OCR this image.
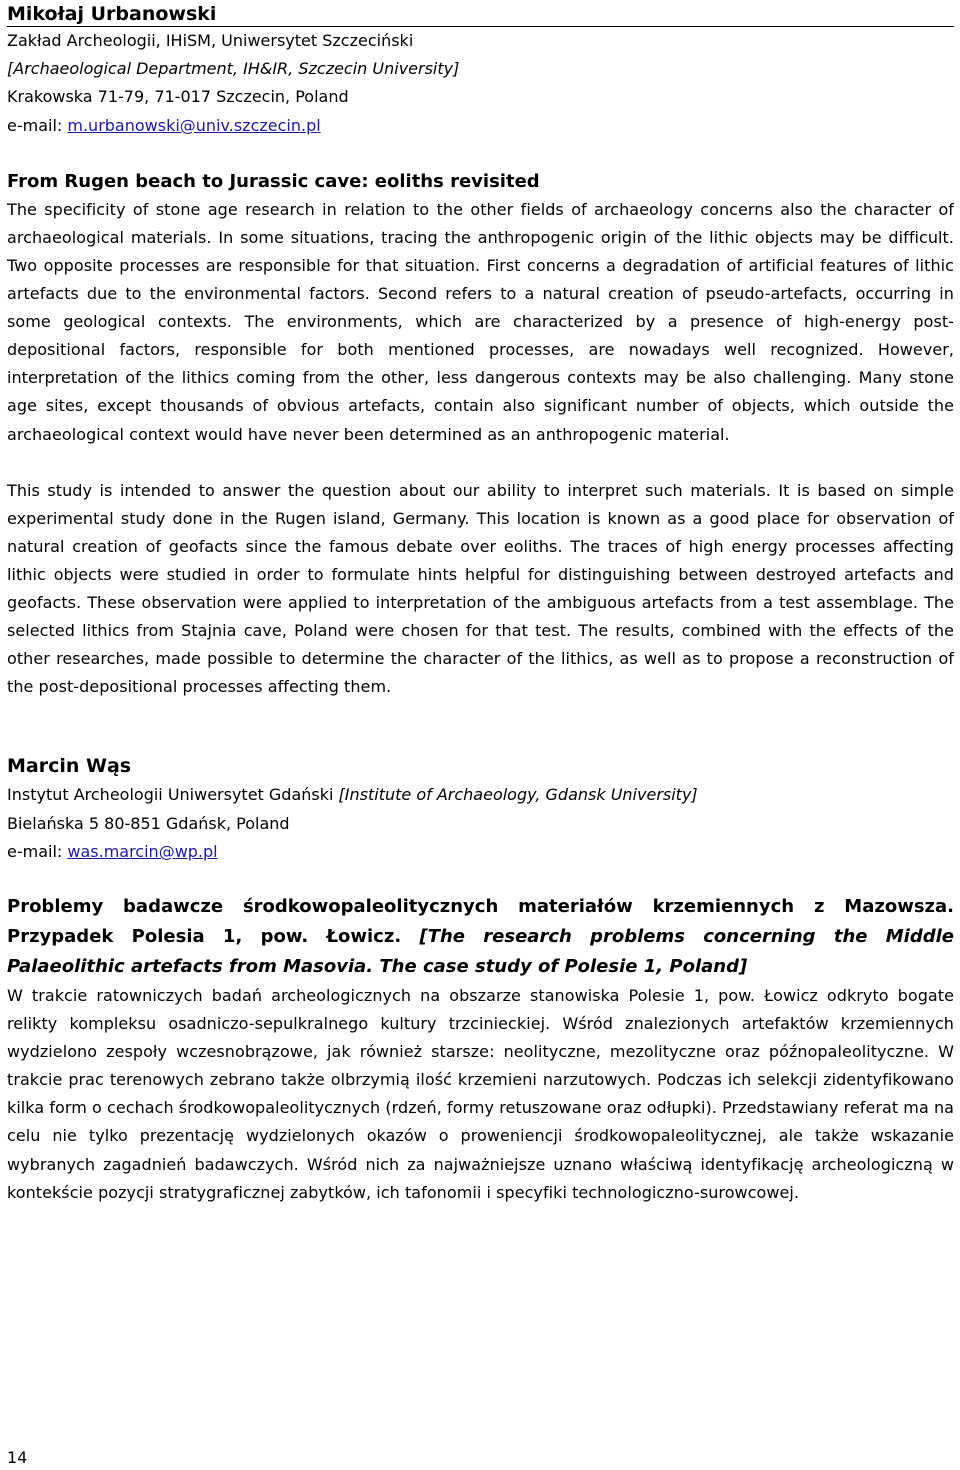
Mikołaj Urbanowski
Zakład Archeologii, IHiSM, Uniwersytet Szczeciński
[Archaeological Department, IH&IR, Szczecin University]
Krakowska 71-79, 71-017 Szczecin, Poland
e-mail: m.urbanowski@univ.szczecin.pl
From Rugen beach to Jurassic cave: eoliths revisited

The specificity of stone age research in relation to the other fields of archaeology concerns also the character of archaeological materials. In some situations, tracing the anthropogenic origin of the lithic objects may be difficult. Two opposite processes are responsible for that situation. First concerns a degradation of artificial features of lithic artefacts due to the environmental factors. Second refers to a natural creation of pseudo-artefacts, occurring in some geological contexts. The environments, which are characterized by a presence of high-energy post-depositional factors, responsible for both mentioned processes, are nowadays well recognized. However, interpretation of the lithics coming from the other, less dangerous contexts may be also challenging. Many stone age sites, except thousands of obvious artefacts, contain also significant number of objects, which outside the archaeological context would have never been determined as an anthropogenic material.

This study is intended to answer the question about our ability to interpret such materials. It is based on simple experimental study done in the Rugen island, Germany. This location is known as a good place for observation of natural creation of geofacts since the famous debate over eoliths. The traces of high energy processes affecting lithic objects were studied in order to formulate hints helpful for distinguishing between destroyed artefacts and geofacts. These observation were applied to interpretation of the ambiguous artefacts from a test assemblage. The selected lithics from Stajnia cave, Poland were chosen for that test. The results, combined with the effects of the other researches, made possible to determine the character of the lithics, as well as to propose a reconstruction of the post-depositional processes affecting them.

Marcin Wąs
Instytut Archeologii Uniwersytet Gdański [Institute of Archaeology, Gdansk University]
Bielańska 5 80-851 Gdańsk, Poland
e-mail: was.marcin@wp.pl
Problemy badawcze środkowopaleolitycznych materiałów krzemiennych z Mazowsza. Przypadek Polesia 1, pow. Łowicz. [The research problems concerning the Middle Palaeolithic artefacts from Masovia. The case study of Polesie 1, Poland]

W trakcie ratowniczych badań archeologicznych na obszarze stanowiska Polesie 1, pow. Łowicz odkryto bogate relikty kompleksu osadniczo-sepulkralnego kultury trzcinieckiej. Wśród znalezionych artefaktów krzemiennych wydzielono zespoły wczesnobrązowe, jak również starsze: neolityczne, mezolityczne oraz późnopaleolityczne. W trakcie prac terenowych zebrano także olbrzymią ilość krzemieni narzutowych. Podczas ich selekcji zidentyfikowano kilka form o cechach środkowopaleolitycznych (rdzeń, formy retuszowane oraz odłupki). Przedstawiany referat ma na celu nie tylko prezentację wydzielonych okazów o proweniencji środkowopaleolitycznej, ale także wskazanie wybranych zagadnień badawczych. Wśród nich za najważniejsze uznano właściwą identyfikację archeologiczną w kontekście pozycji stratygraficznej zabytków, ich tafonomii i specyfiki technologiczno-surowcowej.

14
